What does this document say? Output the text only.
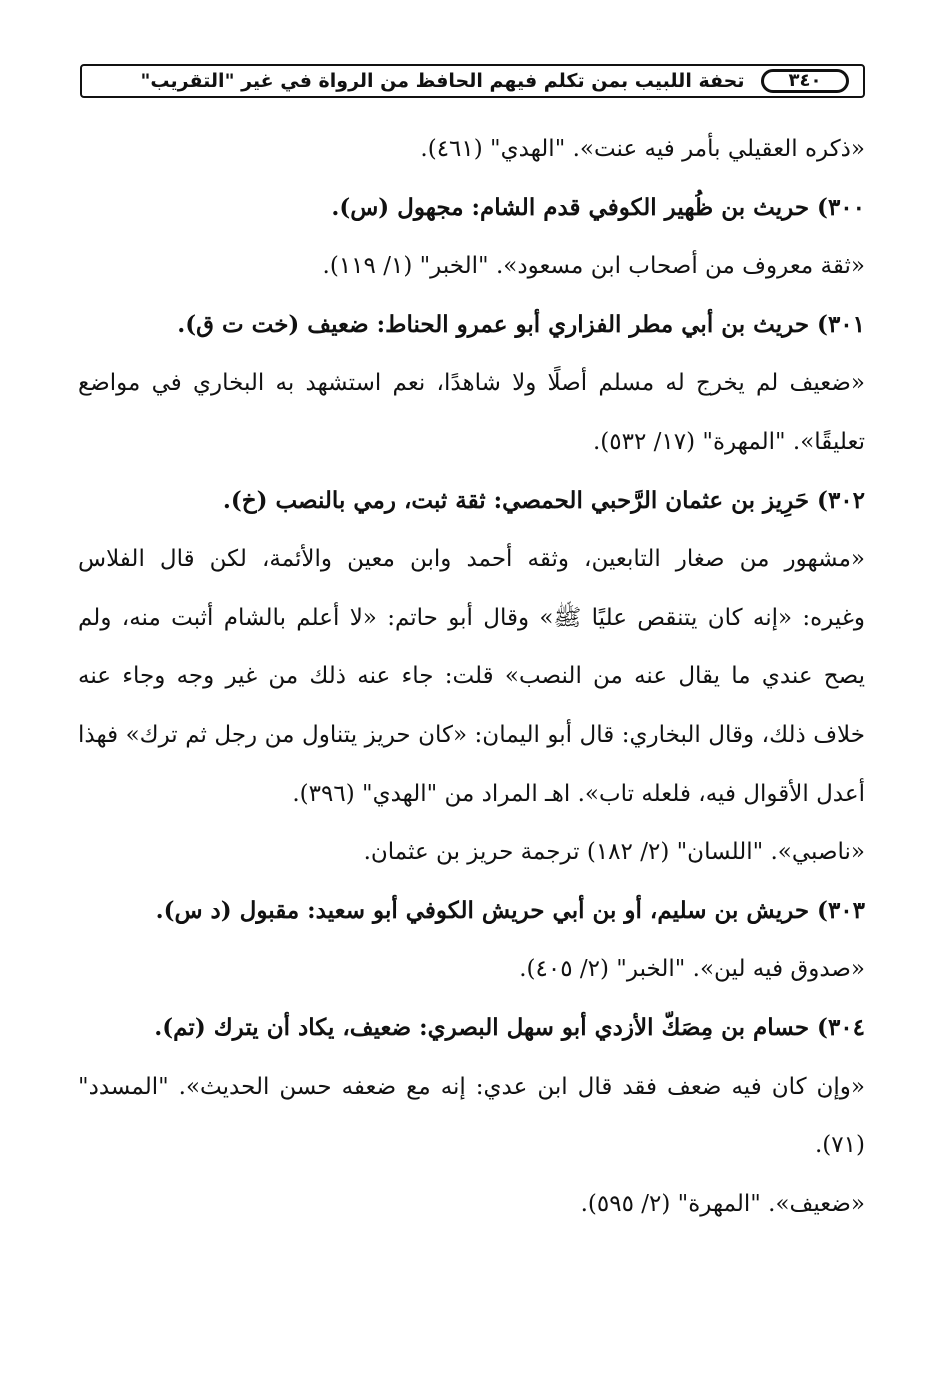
تحفة اللبيب بمن تكلم فيهم الحافظ من الرواة في غير "التقريب"	٣٤٠
«ذكره العقيلي بأمر فيه عنت». "الهدي" (٤٦١).
٣٠٠) حريث بن ظُهير الكوفي قدم الشام: مجهول (س).
«ثقة معروف من أصحاب ابن مسعود». "الخبر" (١/ ١١٩).
٣٠١) حريث بن أبي مطر الفزاري أبو عمرو الحناط: ضعيف (خت ت ق).
«ضعيف لم يخرج له مسلم أصلًا ولا شاهدًا، نعم استشهد به البخاري في مواضع
تعليقًا». "المهرة" (١٧/ ٥٣٢).
٣٠٢) حَرِيز بن عثمان الرَّحبي الحمصي: ثقة ثبت، رمي بالنصب (خ).
«مشهور من صغار التابعين، وثقه أحمد وابن معين والأئمة، لكن قال الفلاس
وغيره: «إنه كان يتنقص عليًا ﷺ» وقال أبو حاتم: «لا أعلم بالشام أثبت منه، ولم
يصح عندي ما يقال عنه من النصب» قلت: جاء عنه ذلك من غير وجه وجاء عنه
خلاف ذلك، وقال البخاري: قال أبو اليمان: «كان حريز يتناول من رجل ثم ترك» فهذا
أعدل الأقوال فيه، فلعله تاب». اهـ المراد من "الهدي" (٣٩٦).
«ناصبي». "اللسان" (٢/ ١٨٢) ترجمة حريز بن عثمان.
٣٠٣) حريش بن سليم، أو بن أبي حريش الكوفي أبو سعيد: مقبول (د س).
«صدوق فيه لين». "الخبر" (٢/ ٤٠٥).
٣٠٤) حسام بن مِصَكّ الأزدي أبو سهل البصري: ضعيف، يكاد أن يترك (تم).
«وإن كان فيه ضعف فقد قال ابن عدي: إنه مع ضعفه حسن الحديث». "المسدد"
(٧١).
«ضعيف». "المهرة" (٢/ ٥٩٥).
